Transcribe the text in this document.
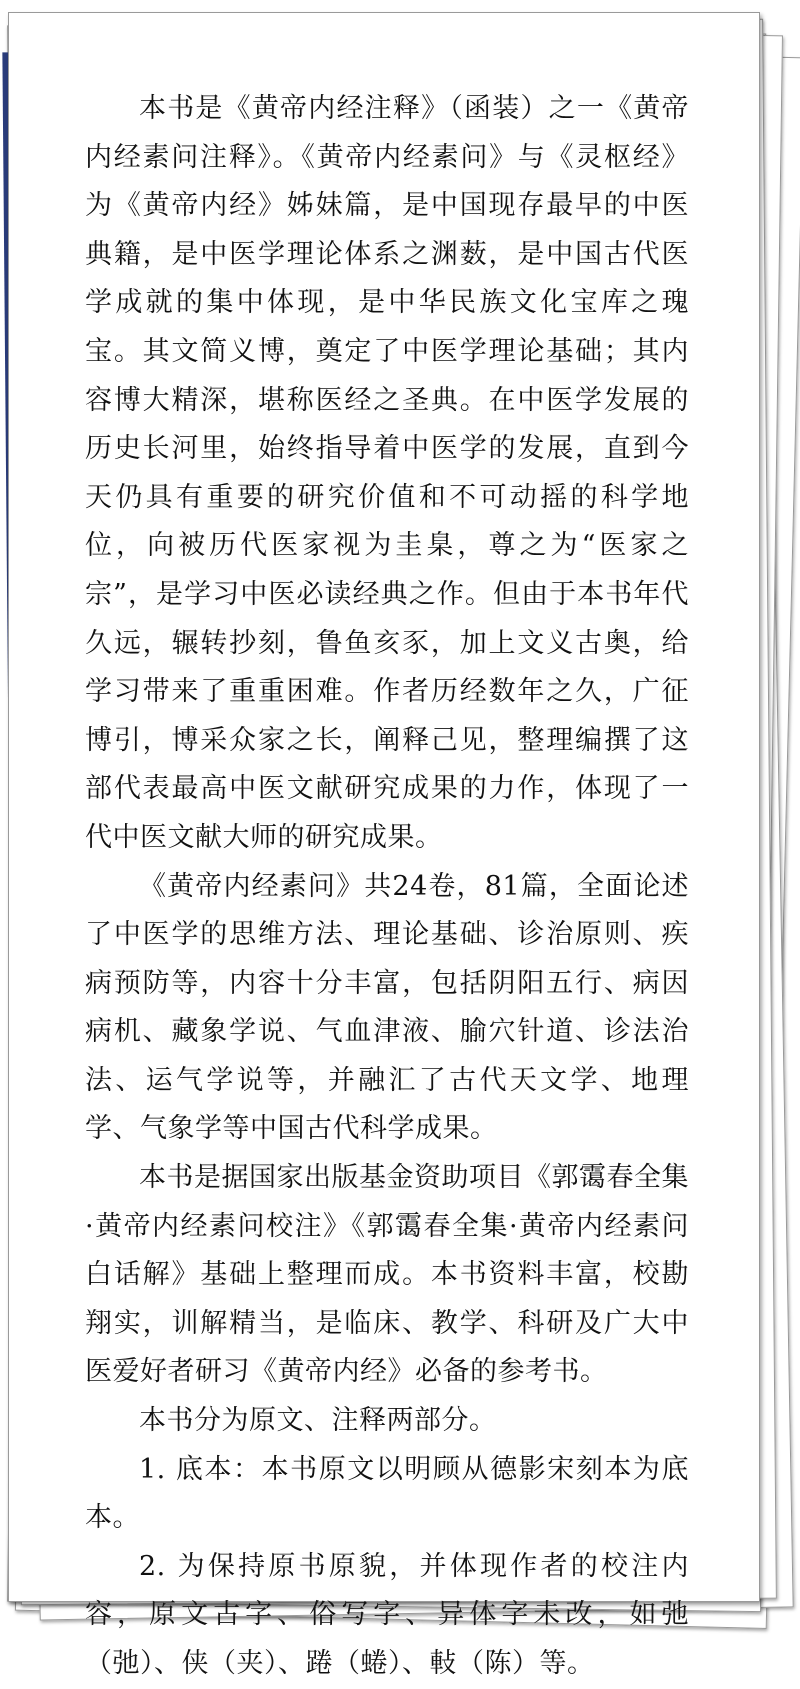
本书是《黄帝内经注释》（函装）之一《黄帝内经素问注释》。《黄帝内经素问》与《灵枢经》为《黄帝内经》姊妹篇，是中国现存最早的中医典籍，是中医学理论体系之渊薮，是中国古代医学成就的集中体现，是中华民族文化宝库之瑰宝。其文简义博，奠定了中医学理论基础；其内容博大精深，堪称医经之圣典。在中医学发展的历史长河里，始终指导着中医学的发展，直到今天仍具有重要的研究价值和不可动摇的科学地位，向被历代医家视为圭臬，尊之为“医家之宗”，是学习中医必读经典之作。但由于本书年代久远，辗转抄刻，鲁鱼亥豕，加上文义古奥，给学习带来了重重困难。作者历经数年之久，广征博引，博采众家之长，阐释己见，整理编撰了这部代表最高中医文献研究成果的力作，体现了一代中医文献大师的研究成果。

《黄帝内经素问》共24卷，81篇，全面论述了中医学的思维方法、理论基础、诊治原则、疾病预防等，内容十分丰富，包括阴阳五行、病因病机、藏象学说、气血津液、腧穴针道、诊法治法、运气学说等，并融汇了古代天文学、地理学、气象学等中国古代科学成果。

本书是据国家出版基金资助项目《郭霭春全集·黄帝内经素问校注》《郭霭春全集·黄帝内经素问白话解》基础上整理而成。本书资料丰富，校勘翔实，训解精当，是临床、教学、科研及广大中医爱好者研习《黄帝内经》必备的参考书。

本书分为原文、注释两部分。

1. 底本：本书原文以明顾从德影宋刻本为底本。

2. 为保持原书原貌，并体现作者的校注内容，原文古字、俗写字、异体字未改，如弛（弛）、侠（夹）、踡（蜷）、軙（陈）等。
